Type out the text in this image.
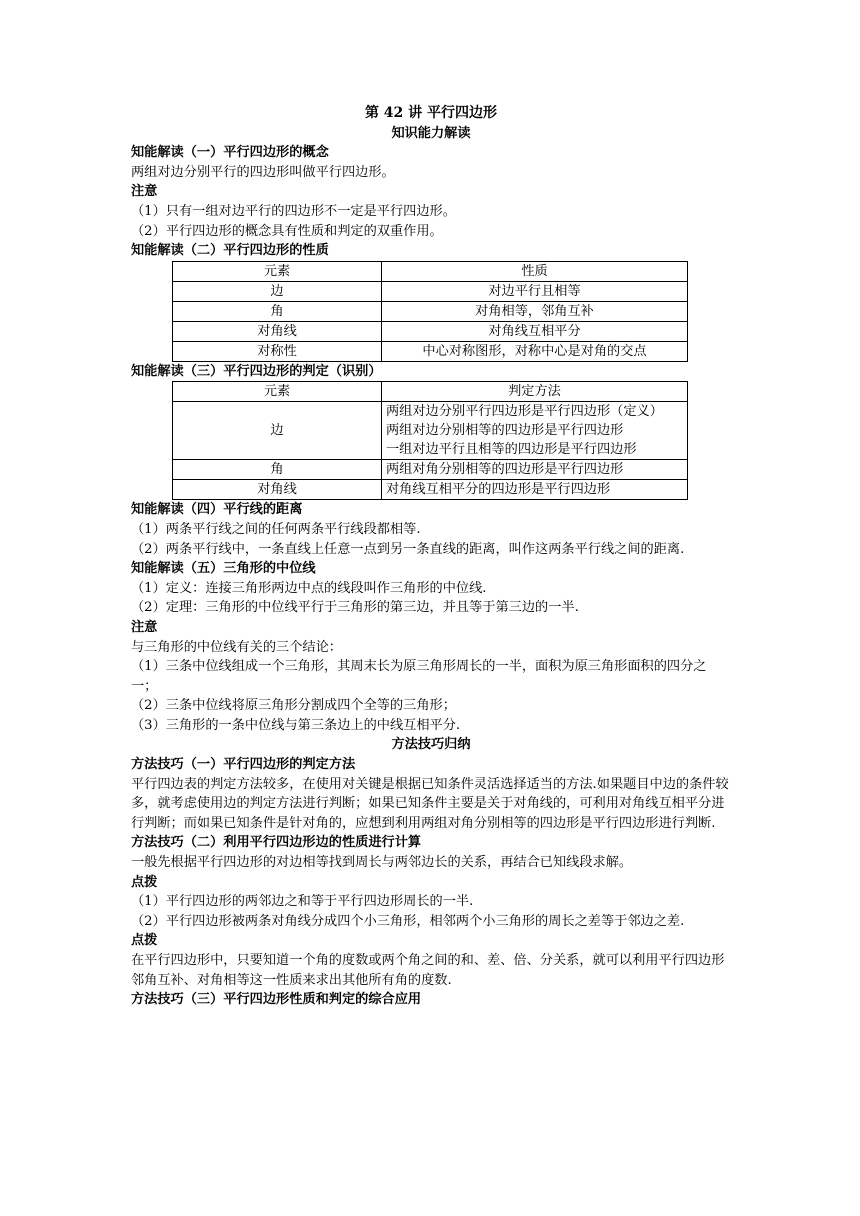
第 42 讲 平行四边形

知识能力解读

知能解读（一）平行四边形的概念

两组对边分别平行的四边形叫做平行四边形。

注意

（1）只有一组对边平行的四边形不一定是平行四边形。

（2）平行四边形的概念具有性质和判定的双重作用。

知能解读（二）平行四边形的性质

元素	性质
边	对边平行且相等
角	对角相等，邻角互补
对角线	对角线互相平分
对称性	中心对称图形，对称中心是对角的交点

知能解读（三）平行四边形的判定（识别）

元素	判定方法
边	两组对边分别平行四边形是平行四边形（定义）
两组对边分别相等的四边形是平行四边形
一组对边平行且相等的四边形是平行四边形

角	两组对角分别相等的四边形是平行四边形
对角线	对角线互相平分的四边形是平行四边形

知能解读（四）平行线的距离

（1）两条平行线之间的任何两条平行线段都相等.

（2）两条平行线中，一条直线上任意一点到另一条直线的距离，叫作这两条平行线之间的距离.

知能解读（五）三角形的中位线

（1）定义：连接三角形两边中点的线段叫作三角形的中位线.

（2）定理：三角形的中位线平行于三角形的第三边，并且等于第三边的一半.

注意

与三角形的中位线有关的三个结论：

（1）三条中位线组成一个三角形，其周末长为原三角形周长的一半，面积为原三角形面积的四分之一；

（2）三条中位线将原三角形分割成四个全等的三角形；

（3）三角形的一条中位线与第三条边上的中线互相平分.

方法技巧归纳

方法技巧（一）平行四边形的判定方法

平行四边表的判定方法较多，在使用对关键是根据已知条件灵活选择适当的方法.如果题目中边的条件较多，就考虑使用边的判定方法进行判断；如果已知条件主要是关于对角线的，可利用对角线互相平分进行判断；而如果已知条件是针对角的，应想到利用两组对角分别相等的四边形是平行四边形进行判断.

方法技巧（二）利用平行四边形边的性质进行计算

一般先根据平行四边形的对边相等找到周长与两邻边长的关系，再结合已知线段求解。

点拨

（1）平行四边形的两邻边之和等于平行四边形周长的一半.

（2）平行四边形被两条对角线分成四个小三角形，相邻两个小三角形的周长之差等于邻边之差.

点拨

在平行四边形中，只要知道一个角的度数或两个角之间的和、差、倍、分关系，就可以利用平行四边形邻角互补、对角相等这一性质来求出其他所有角的度数.

方法技巧（三）平行四边形性质和判定的综合应用
